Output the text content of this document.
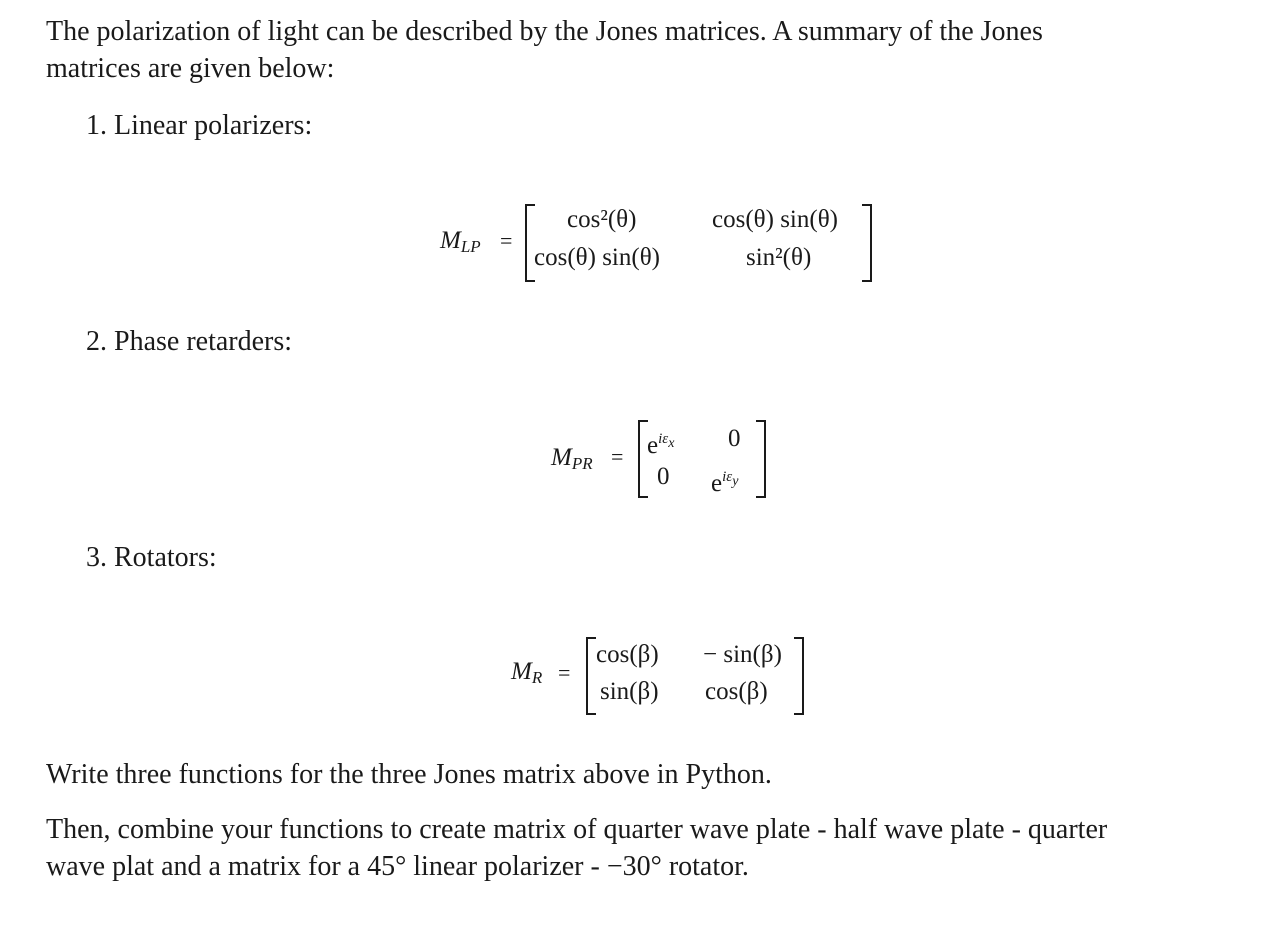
The polarization of light can be described by the Jones matrices. A summary of the Jones
matrices are given below:
1. Linear polarizers:
$M_{LP}$ =
cos²(θ)	cos(θ) sin(θ)
cos(θ) sin(θ)	sin²(θ)
2. Phase retarders:
$M_{PR} = e^{i\varepsilon_x}$ 0
0 $e^{i\varepsilon_y}$
3. Rotators:
$M_R$ =
cos(β) − sin(β)
sin(β) cos(β)
Write three functions for the three Jones matrix above in Python.
Then, combine your functions to create matrix of quarter wave plate - half wave plate - quarter
wave plat and a matrix for a 45° linear polarizer - −30° rotator.
